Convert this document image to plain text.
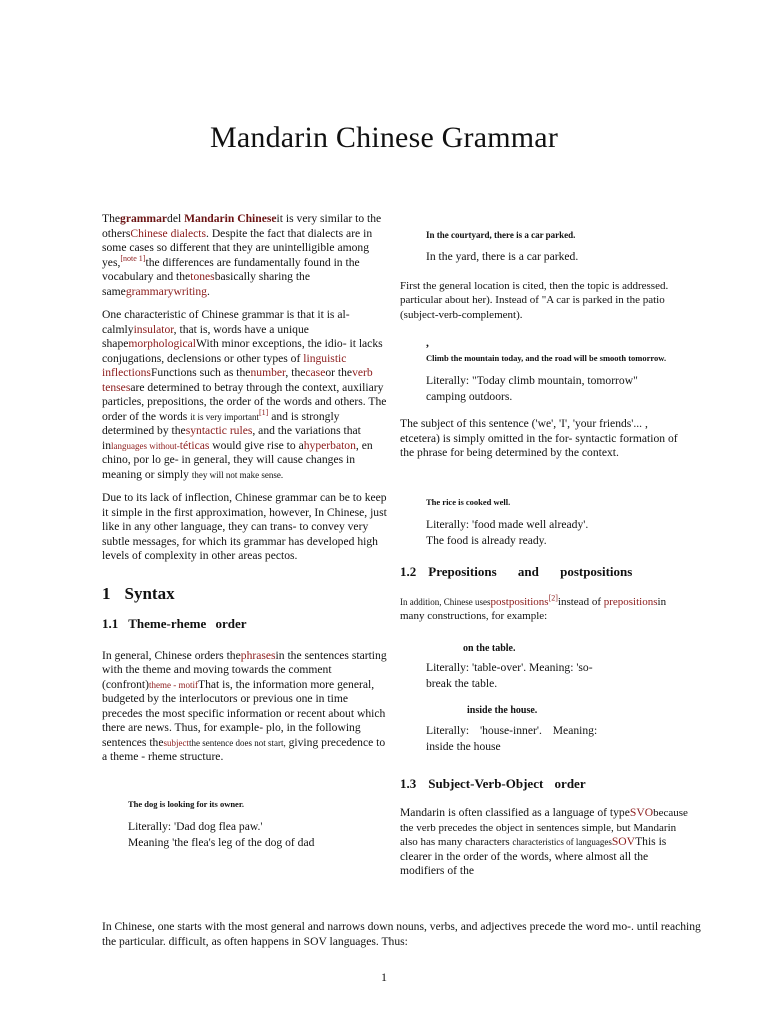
Mandarin Chinese Grammar

Thegrammardel Mandarin Chineseit is very similar to the othersChinese dialects. Despite the fact that dialects are in some cases so different that they are unintelligible among yes,[note 1]the differences are fundamentally found in the vocabulary and thetonesbasically sharing the samegrammarywriting.

One characteristic of Chinese grammar is that it is al-calmlyinsulator, that is, words have a unique shapemorphologicalWith minor exceptions, the idio- it lacks conjugations, declensions or other types of linguistic inflectionsFunctions such as thenumber, thecaseor theverb tensesare determined to betray through the context, auxiliary particles, prepositions, the order of the words and others. The order of the words it is very important[1] and is strongly determined by thesyntactic rules, and the variations that inlanguages without-téticas would give rise to ahyperbaton, en chino, por lo ge- in general, they will cause changes in meaning or simply they will not make sense.

Due to its lack of inflection, Chinese grammar can be to keep it simple in the first approximation, however, In Chinese, just like in any other language, they can trans- to convey very subtle messages, for which its grammar has developed high levels of complexity in other areas pectos.

1 Syntax
1.1 Theme-rheme order

In general, Chinese orders thephrasesin the sentences starting with the theme and moving towards the comment (confront)theme - motifThat is, the information more general, budgeted by the interlocutors or previous one in time precedes the most specific information or recent about which there are news. Thus, for example- plo, in the following sentences thesubjectthe sentence does not start, giving precedence to a theme - rheme structure.

The dog is looking for its owner.
Literally: 'Dad dog flea paw.'
Meaning 'the flea's leg of the dog of dad
In the courtyard, there is a car parked.
In the yard, there is a car parked.

First the general location is cited, then the topic is addressed. particular about her). Instead of "A car is parked in the patio (subject-verb-complement).

,
Climb the mountain today, and the road will be smooth tomorrow.
Literally: "Today climb mountain, tomorrow"
camping outdoors.

The subject of this sentence ('we', 'I', 'your friends'... , etcetera) is simply omitted in the for- syntactic formation of the phrase for being determined by the context.

The rice is cooked well.
Literally: 'food made well already'.
The food is already ready.
1.2 Prepositions and postpositions

In addition, Chinese usespostpositions[2]instead of prepositionsin many constructions, for example:

on the table.
Literally: 'table-over'. Meaning: 'so- break the table.
inside the house.
Literally: 'house-inner'. Meaning:
inside the house
1.3 Subject-Verb-Object order

Mandarin is often classified as a language of typeSVObecause the verb precedes the object in sentences simple, but Mandarin also has many characters characteristics of languagesSOVThis is clearer in the order of the words, where almost all the modifiers of the

In Chinese, one starts with the most general and narrows down nouns, verbs, and adjectives precede the word mo-. until reaching the particular. difficult, as often happens in SOV languages. Thus:

1
